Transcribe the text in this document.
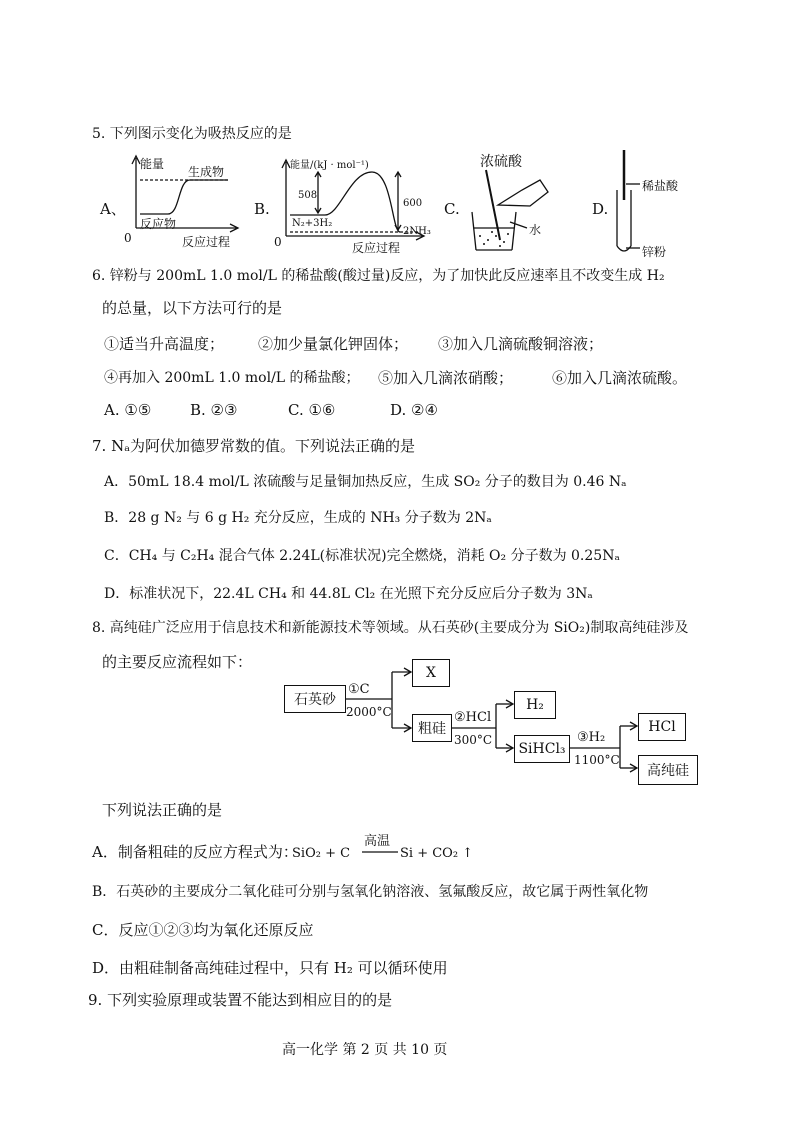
5. 下列图示变化为吸热反应的是
A、
能量
生成物
反应物
0	反应过程
B.
能量/(kJ · mol⁻¹)
508
600
N₂+3H₂
2NH₃
0	反应过程
C.
浓硫酸
水
D.
稀盐酸
锌粉
6. 锌粉与 200mL 1.0 mol/L 的稀盐酸(酸过量)反应，为了加快此反应速率且不改变生成 H₂
的总量，以下方法可行的是
①适当升高温度； ②加少量氯化钾固体； ③加入几滴硫酸铜溶液；
④再加入 200mL 1.0 mol/L 的稀盐酸； ⑤加入几滴浓硝酸；	⑥加入几滴浓硫酸。
A. ①⑤	B. ②③	C. ①⑥	D. ②④
7. Nₐ为阿伏加德罗常数的值。下列说法正确的是
A．50mL 18.4 mol/L 浓硫酸与足量铜加热反应，生成 SO₂ 分子的数目为 0.46 Nₐ
B．28 g N₂ 与 6 g H₂ 充分反应，生成的 NH₃ 分子数为 2Nₐ
C．CH₄ 与 C₂H₄ 混合气体 2.24L(标准状况)完全燃烧，消耗 O₂ 分子数为 0.25Nₐ
D．标准状况下，22.4L CH₄ 和 44.8L Cl₂ 在光照下充分反应后分子数为 3Nₐ
8. 高纯硅广泛应用于信息技术和新能源技术等领域。从石英砂(主要成分为 SiO₂)制取高纯硅涉及
的主要反应流程如下：
石英砂
①C
2000°C
X
粗硅
②HCl
300°C
H₂
SiHCl₃
③H₂
1100°C
HCl
高纯硅
下列说法正确的是
A．制备粗硅的反应方程式为：
SiO₂ + C
高温
Si + CO₂ ↑
B．石英砂的主要成分二氧化硅可分别与氢氧化钠溶液、氢氟酸反应，故它属于两性氧化物
C．反应①②③均为氧化还原反应
D．由粗硅制备高纯硅过程中，只有 H₂ 可以循环使用
9. 下列实验原理或装置不能达到相应目的的是
高一化学 第 2 页 共 10 页
